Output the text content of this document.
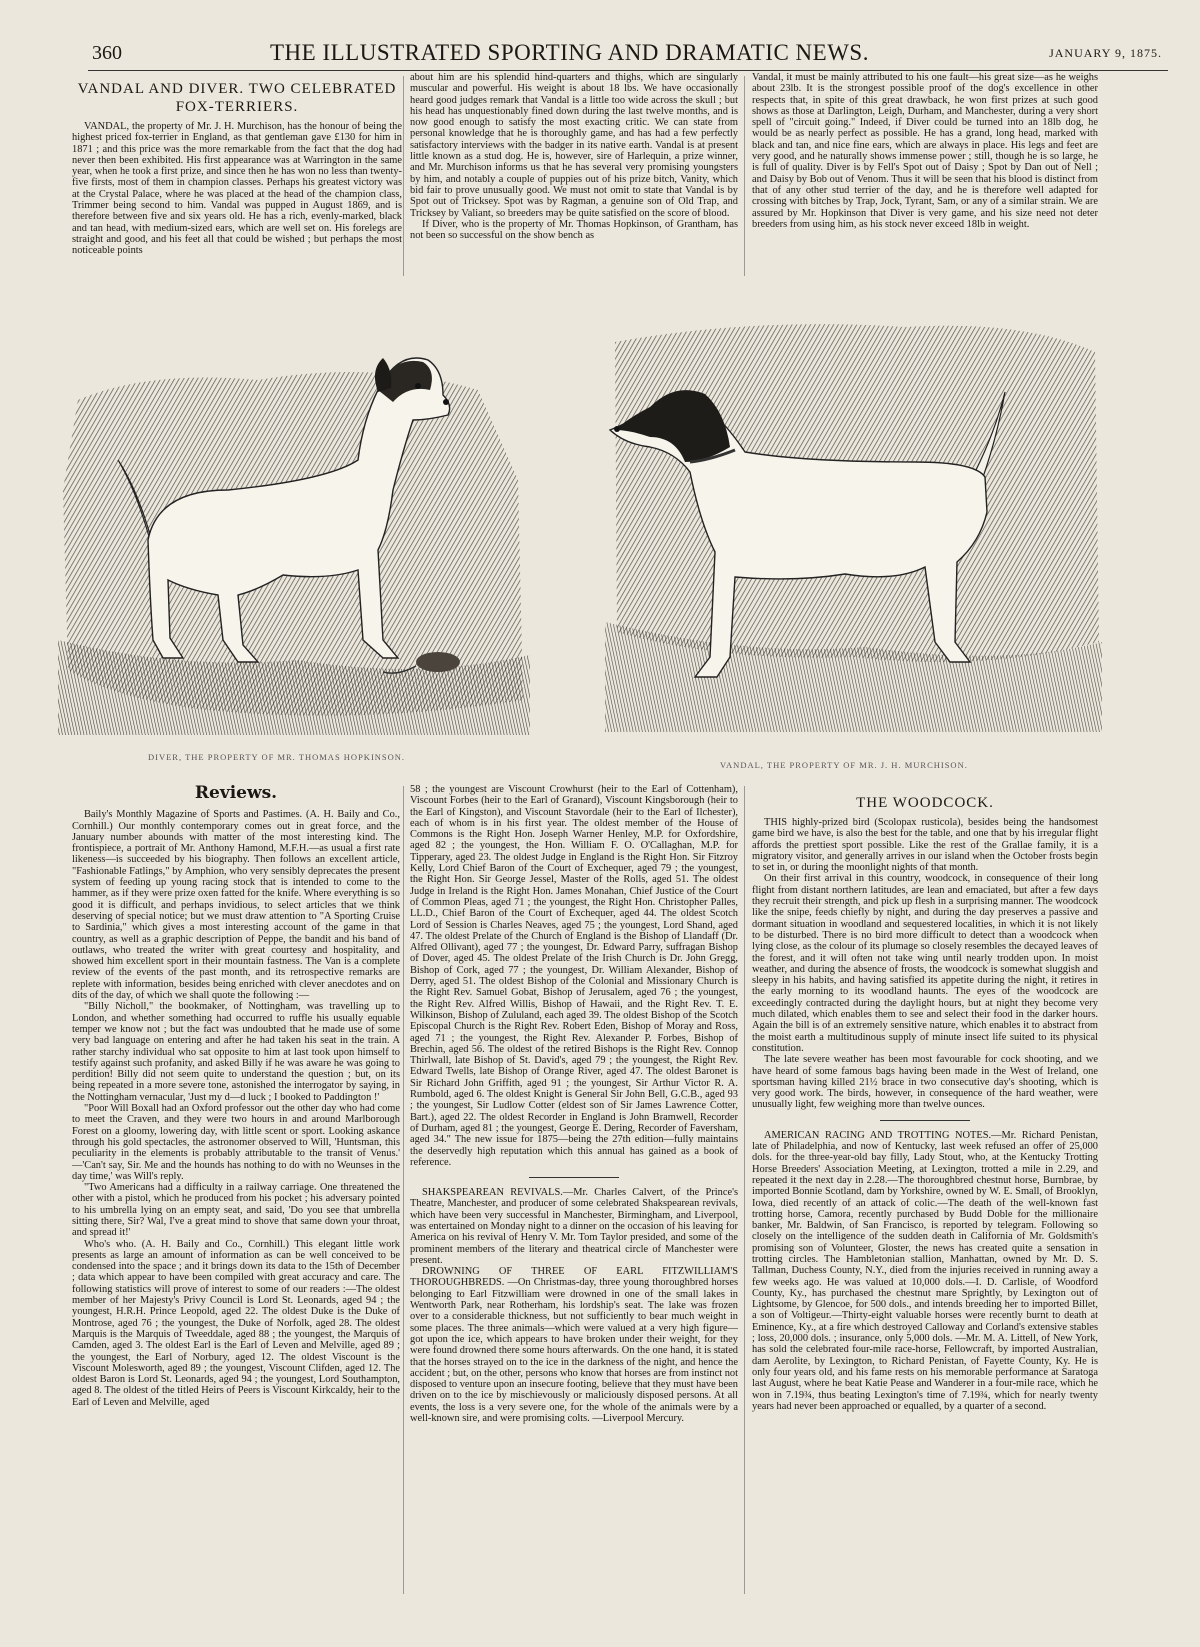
360	THE ILLUSTRATED SPORTING AND DRAMATIC NEWS.	JANUARY 9, 1875.
VANDAL AND DIVER. TWO CELEBRATED FOX-TERRIERS.

VANDAL, the property of Mr. J. H. Murchison, has the honour of being the highest priced fox-terrier in England, as that gentleman gave £130 for him in 1871 ; and this price was the more remarkable from the fact that the dog had never then been exhibited. His first appearance was at Warrington in the same year, when he took a first prize, and since then he has won no less than twenty-five firsts, most of them in champion classes. Perhaps his greatest victory was at the Crystal Palace, where he was placed at the head of the champion class, Trimmer being second to him. Vandal was pupped in August 1869, and is therefore between five and six years old. He has a rich, evenly-marked, black and tan head, with medium-sized ears, which are well set on. His forelegs are straight and good, and his feet all that could be wished ; but perhaps the most noticeable points

about him are his splendid hind-quarters and thighs, which are singularly muscular and powerful. His weight is about 18 lbs. We have occasionally heard good judges remark that Vandal is a little too wide across the skull ; but his head has unquestionably fined down during the last twelve months, and is now good enough to satisfy the most exacting critic. We can state from personal knowledge that he is thoroughly game, and has had a few perfectly satisfactory interviews with the badger in its native earth. Vandal is at present little known as a stud dog. He is, however, sire of Harlequin, a prize winner, and Mr. Murchison informs us that he has several very promising youngsters by him, and notably a couple of puppies out of his prize bitch, Vanity, which bid fair to prove unusually good. We must not omit to state that Vandal is by Spot out of Tricksey. Spot was by Ragman, a genuine son of Old Trap, and Tricksey by Valiant, so breeders may be quite satisfied on the score of blood.

If Diver, who is the property of Mr. Thomas Hopkinson, of Grantham, has not been so successful on the show bench as

Vandal, it must be mainly attributed to his one fault—his great size—as he weighs about 23lb. It is the strongest possible proof of the dog's excellence in other respects that, in spite of this great drawback, he won first prizes at such good shows as those at Darlington, Leigh, Durham, and Manchester, during a very short spell of "circuit going." Indeed, if Diver could be turned into an 18lb dog, he would be as nearly perfect as possible. He has a grand, long head, marked with black and tan, and nice fine ears, which are always in place. His legs and feet are very good, and he naturally shows immense power ; still, though he is so large, he is full of quality. Diver is by Fell's Spot out of Daisy ; Spot by Dan out of Nell ; and Daisy by Bob out of Venom. Thus it will be seen that his blood is distinct from that of any other stud terrier of the day, and he is therefore well adapted for crossing with bitches by Trap, Jock, Tyrant, Sam, or any of a similar strain. We are assured by Mr. Hopkinson that Diver is very game, and his size need not deter breeders from using him, as his stock never exceed 18lb in weight.

DIVER, THE PROPERTY OF MR. THOMAS HOPKINSON.
VANDAL, THE PROPERTY OF MR. J. H. MURCHISON.
Reviews.

Baily's Monthly Magazine of Sports and Pastimes. (A. H. Baily and Co., Cornhill.) Our monthly contemporary comes out in great force, and the January number abounds with matter of the most interesting kind. The frontispiece, a portrait of Mr. Anthony Hamond, M.F.H.—as usual a first rate likeness—is succeeded by his biography. Then follows an excellent article, "Fashionable Fatlings," by Amphion, who very sensibly deprecates the present system of feeding up young racing stock that is intended to come to the hammer, as if they were prize oxen fatted for the knife. Where everything is so good it is difficult, and perhaps invidious, to select articles that we think deserving of special notice; but we must draw attention to "A Sporting Cruise to Sardinia," which gives a most interesting account of the game in that country, as well as a graphic description of Peppe, the bandit and his band of outlaws, who treated the writer with great courtesy and hospitality, and showed him excellent sport in their mountain fastness. The Van is a complete review of the events of the past month, and its retrospective remarks are replete with information, besides being enriched with clever anecdotes and on dits of the day, of which we shall quote the following :—

"Billy Nicholl," the bookmaker, of Nottingham, was travelling up to London, and whether something had occurred to ruffle his usually equable temper we know not ; but the fact was undoubted that he made use of some very bad language on entering and after he had taken his seat in the train. A rather starchy individual who sat opposite to him at last took upon himself to testify against such profanity, and asked Billy if he was aware he was going to perdition! Billy did not seem quite to understand the question ; but, on its being repeated in a more severe tone, astonished the interrogator by saying, in the Nottingham vernacular, 'Just my d—d luck ; I booked to Paddington !'

"Poor Will Boxall had an Oxford professor out the other day who had come to meet the Craven, and they were two hours in and around Marlborough Forest on a gloomy, lowering day, with little scent or sport. Looking askance through his gold spectacles, the astronomer observed to Will, 'Huntsman, this peculiarity in the elements is probably attributable to the transit of Venus.' —'Can't say, Sir. Me and the hounds has nothing to do with no Weunses in the day time,' was Will's reply.

"Two Americans had a difficulty in a railway carriage. One threatened the other with a pistol, which he produced from his pocket ; his adversary pointed to his umbrella lying on an empty seat, and said, 'Do you see that umbrella sitting there, Sir? Wal, I've a great mind to shove that same down your throat, and spread it!'

Who's who. (A. H. Baily and Co., Cornhill.) This elegant little work presents as large an amount of information as can be well conceived to be condensed into the space ; and it brings down its data to the 15th of December ; data which appear to have been compiled with great accuracy and care. The following statistics will prove of interest to some of our readers :—The oldest member of her Majesty's Privy Council is Lord St. Leonards, aged 94 ; the youngest, H.R.H. Prince Leopold, aged 22. The oldest Duke is the Duke of Montrose, aged 76 ; the youngest, the Duke of Norfolk, aged 28. The oldest Marquis is the Marquis of Tweeddale, aged 88 ; the youngest, the Marquis of Camden, aged 3. The oldest Earl is the Earl of Leven and Melville, aged 89 ; the youngest, the Earl of Norbury, aged 12. The oldest Viscount is the Viscount Molesworth, aged 89 ; the youngest, Viscount Clifden, aged 12. The oldest Baron is Lord St. Leonards, aged 94 ; the youngest, Lord Southampton, aged 8. The oldest of the titled Heirs of Peers is Viscount Kirkcaldy, heir to the Earl of Leven and Melville, aged

58 ; the youngest are Viscount Crowhurst (heir to the Earl of Cottenham), Viscount Forbes (heir to the Earl of Granard), Viscount Kingsborough (heir to the Earl of Kingston), and Viscount Stavordale (heir to the Earl of Ilchester), each of whom is in his first year. The oldest member of the House of Commons is the Right Hon. Joseph Warner Henley, M.P. for Oxfordshire, aged 82 ; the youngest, the Hon. William F. O. O'Callaghan, M.P. for Tipperary, aged 23. The oldest Judge in England is the Right Hon. Sir Fitzroy Kelly, Lord Chief Baron of the Court of Exchequer, aged 79 ; the youngest, the Right Hon. Sir George Jessel, Master of the Rolls, aged 51. The oldest Judge in Ireland is the Right Hon. James Monahan, Chief Justice of the Court of Common Pleas, aged 71 ; the youngest, the Right Hon. Christopher Palles, LL.D., Chief Baron of the Court of Exchequer, aged 44. The oldest Scotch Lord of Session is Charles Neaves, aged 75 ; the youngest, Lord Shand, aged 47. The oldest Prelate of the Church of England is the Bishop of Llandaff (Dr. Alfred Ollivant), aged 77 ; the youngest, Dr. Edward Parry, suffragan Bishop of Dover, aged 45. The oldest Prelate of the Irish Church is Dr. John Gregg, Bishop of Cork, aged 77 ; the youngest, Dr. William Alexander, Bishop of Derry, aged 51. The oldest Bishop of the Colonial and Missionary Church is the Right Rev. Samuel Gobat, Bishop of Jerusalem, aged 76 ; the youngest, the Right Rev. Alfred Willis, Bishop of Hawaii, and the Right Rev. T. E. Wilkinson, Bishop of Zululand, each aged 39. The oldest Bishop of the Scotch Episcopal Church is the Right Rev. Robert Eden, Bishop of Moray and Ross, aged 71 ; the youngest, the Right Rev. Alexander P. Forbes, Bishop of Brechin, aged 56. The oldest of the retired Bishops is the Right Rev. Connop Thirlwall, late Bishop of St. David's, aged 79 ; the youngest, the Right Rev. Edward Twells, late Bishop of Orange River, aged 47. The oldest Baronet is Sir Richard John Griffith, aged 91 ; the youngest, Sir Arthur Victor R. A. Rumbold, aged 6. The oldest Knight is General Sir John Bell, G.C.B., aged 93 ; the youngest, Sir Ludlow Cotter (eldest son of Sir James Lawrence Cotter, Bart.), aged 22. The oldest Recorder in England is John Bramwell, Recorder of Durham, aged 81 ; the youngest, George E. Dering, Recorder of Faversham, aged 34." The new issue for 1875—being the 27th edition—fully maintains the deservedly high reputation which this annual has gained as a book of reference.

SHAKSPEAREAN REVIVALS.—Mr. Charles Calvert, of the Prince's Theatre, Manchester, and producer of some celebrated Shakspearean revivals, which have been very successful in Manchester, Birmingham, and Liverpool, was entertained on Monday night to a dinner on the occasion of his leaving for America on his revival of Henry V. Mr. Tom Taylor presided, and some of the prominent members of the literary and theatrical circle of Manchester were present.

DROWNING OF THREE OF EARL FITZWILLIAM'S THOROUGHBREDS. —On Christmas-day, three young thoroughbred horses belonging to Earl Fitzwilliam were drowned in one of the small lakes in Wentworth Park, near Rotherham, his lordship's seat. The lake was frozen over to a considerable thickness, but not sufficiently to bear much weight in some places. The three animals—which were valued at a very high figure—got upon the ice, which appears to have broken under their weight, for they were found drowned there some hours afterwards. On the one hand, it is stated that the horses strayed on to the ice in the darkness of the night, and hence the accident ; but, on the other, persons who know that horses are from instinct not disposed to venture upon an insecure footing, believe that they must have been driven on to the ice by mischievously or maliciously disposed persons. At all events, the loss is a very severe one, for the whole of the animals were by a well-known sire, and were promising colts. —Liverpool Mercury.

THE WOODCOCK.

THIS highly-prized bird (Scolopax rusticola), besides being the handsomest game bird we have, is also the best for the table, and one that by his irregular flight affords the prettiest sport possible. Like the rest of the Grallae family, it is a migratory visitor, and generally arrives in our island when the October frosts begin to set in, or during the moonlight nights of that month.

On their first arrival in this country, woodcock, in consequence of their long flight from distant northern latitudes, are lean and emaciated, but after a few days they recruit their strength, and pick up flesh in a surprising manner. The woodcock like the snipe, feeds chiefly by night, and during the day preserves a passive and dormant situation in woodland and sequestered localities, in which it is not likely to be disturbed. There is no bird more difficult to detect than a woodcock when lying close, as the colour of its plumage so closely resembles the decayed leaves of the forest, and it will often not take wing until nearly trodden upon. In moist weather, and during the absence of frosts, the woodcock is somewhat sluggish and sleepy in his habits, and having satisfied its appetite during the night, it retires in the early morning to its woodland haunts. The eyes of the woodcock are exceedingly contracted during the daylight hours, but at night they become very much dilated, which enables them to see and select their food in the darker hours. Again the bill is of an extremely sensitive nature, which enables it to abstract from the moist earth a multitudinous supply of minute insect life suited to its physical constitution.

The late severe weather has been most favourable for cock shooting, and we have heard of some famous bags having been made in the West of Ireland, one sportsman having killed 21½ brace in two consecutive day's shooting, which is very good work. The birds, however, in consequence of the hard weather, were unusually light, few weighing more than twelve ounces.

AMERICAN RACING AND TROTTING NOTES.—Mr. Richard Penistan, late of Philadelphia, and now of Kentucky, last week refused an offer of 25,000 dols. for the three-year-old bay filly, Lady Stout, who, at the Kentucky Trotting Horse Breeders' Association Meeting, at Lexington, trotted a mile in 2.29, and repeated it the next day in 2.28.—The thoroughbred chestnut horse, Burnbrae, by imported Bonnie Scotland, dam by Yorkshire, owned by W. E. Small, of Brooklyn, Iowa, died recently of an attack of colic.—The death of the well-known fast trotting horse, Camora, recently purchased by Budd Doble for the millionaire banker, Mr. Baldwin, of San Francisco, is reported by telegram. Following so closely on the intelligence of the sudden death in California of Mr. Goldsmith's promising son of Volunteer, Gloster, the news has created quite a sensation in trotting circles. The Hambletonian stallion, Manhattan, owned by Mr. D. S. Tallman, Duchess County, N.Y., died from the injuries received in running away a few weeks ago. He was valued at 10,000 dols.—I. D. Carlisle, of Woodford County, Ky., has purchased the chestnut mare Sprightly, by Lexington out of Lightsome, by Glencoe, for 500 dols., and intends breeding her to imported Billet, a son of Voltigeur.—Thirty-eight valuable horses were recently burnt to death at Eminence, Ky., at a fire which destroyed Calloway and Corland's extensive stables ; loss, 20,000 dols. ; insurance, only 5,000 dols. —Mr. M. A. Littell, of New York, has sold the celebrated four-mile race-horse, Fellowcraft, by imported Australian, dam Aerolite, by Lexington, to Richard Penistan, of Fayette County, Ky. He is only four years old, and his fame rests on his memorable performance at Saratoga last August, where he beat Katie Pease and Wanderer in a four-mile race, which he won in 7.19¾, thus beating Lexington's time of 7.19¾, which for nearly twenty years had never been approached or equalled, by a quarter of a second.
